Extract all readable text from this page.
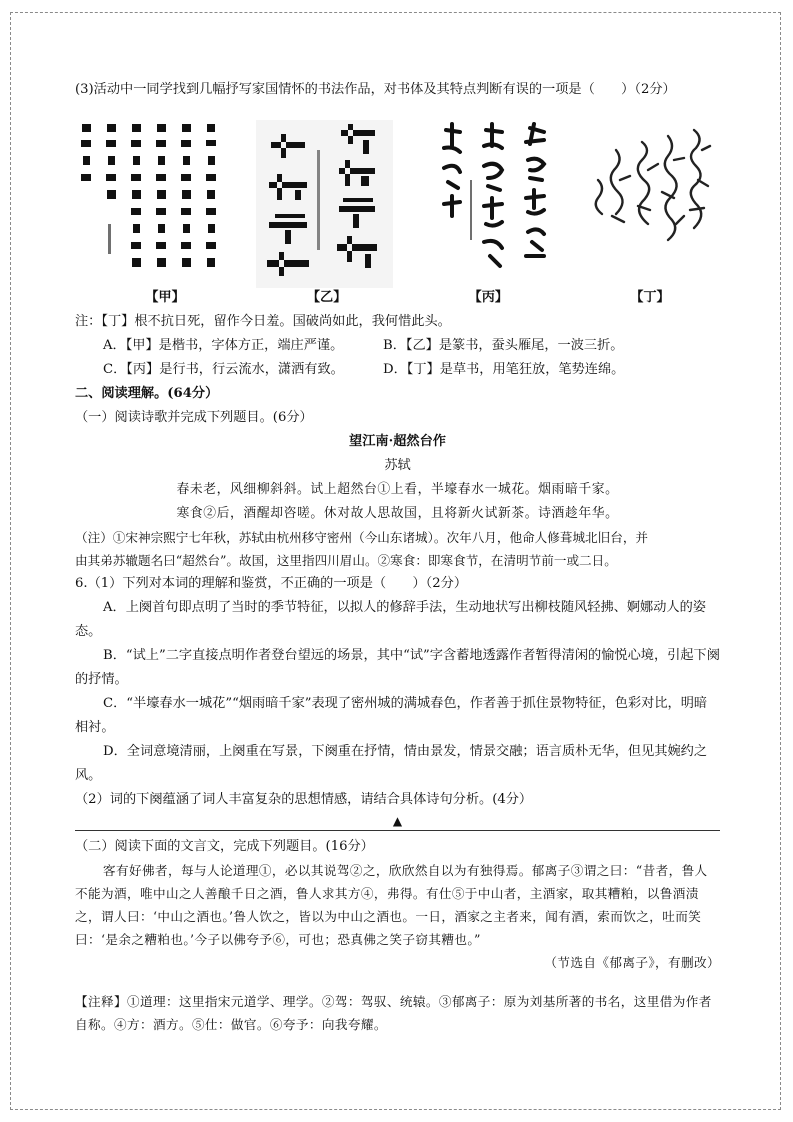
(3)活动中一同学找到几幅抒写家国情怀的书法作品，对书体及其特点判断有误的一项是（　　）（2分）
【甲】	【乙】	【丙】	【丁】
注：【丁】根不抗日死，留作今日羞。国破尚如此，我何惜此头。
A．【甲】是楷书，字体方正，端庄严谨。	B．【乙】是篆书，蚕头雁尾，一波三折。
C．【丙】是行书，行云流水，潇洒有致。	D．【丁】是草书，用笔狂放，笔势连绵。
二、阅读理解。(64分）
（一）阅读诗歌并完成下列题目。(6分）
望江南·超然台作
苏轼
春未老，风细柳斜斜。试上超然台①上看，半壕春水一城花。烟雨暗千家。
寒食②后，酒醒却咨嗟。休对故人思故国，且将新火试新茶。诗酒趁年华。
（注）①宋神宗熙宁七年秋，苏轼由杭州移守密州（今山东诸城）。次年八月，他命人修葺城北旧台，并
由其弟苏辙题名曰“超然台”。故国，这里指四川眉山。②寒食：即寒食节，在清明节前一或二日。
6.（1）下列对本词的理解和鉴赏，不正确的一项是（　　）（2分）
A．上阕首句即点明了当时的季节特征，以拟人的修辞手法，生动地状写出柳枝随风轻拂、婀娜动人的姿态。
B．“试上”二字直接点明作者登台望远的场景，其中“试”字含蓄地透露作者暂得清闲的愉悦心境，引起下阕的抒情。
C．“半壕春水一城花”“烟雨暗千家”表现了密州城的满城春色，作者善于抓住景物特征，色彩对比，明暗相衬。
D．全词意境清丽，上阕重在写景，下阕重在抒情，情由景发，情景交融；语言质朴无华，但见其婉约之风。
（2）词的下阕蕴涵了词人丰富复杂的思想情感，请结合具体诗句分析。(4分）
▲
（二）阅读下面的文言文，完成下列题目。(16分）
客有好佛者，每与人论道理①，必以其说驾②之，欣欣然自以为有独得焉。郁离子③谓之曰：“昔者，鲁人不能为酒，唯中山之人善酿千日之酒，鲁人求其方④，弗得。有仕⑤于中山者，主酒家，取其糟粕，以鲁酒渍之，谓人曰：‘中山之酒也。’鲁人饮之，皆以为中山之酒也。一日，酒家之主者来，闻有酒，索而饮之，吐而笑曰：‘是余之糟粕也。’今子以佛夸予⑥，可也；恐真佛之笑子窃其糟也。”
（节选自《郁离子》，有删改）
【注释】①道理：这里指宋元道学、理学。②驾：驾驭、统辕。③郁离子：原为刘基所著的书名，这里借为作者自称。④方：酒方。⑤仕：做官。⑥夸予：向我夸耀。
